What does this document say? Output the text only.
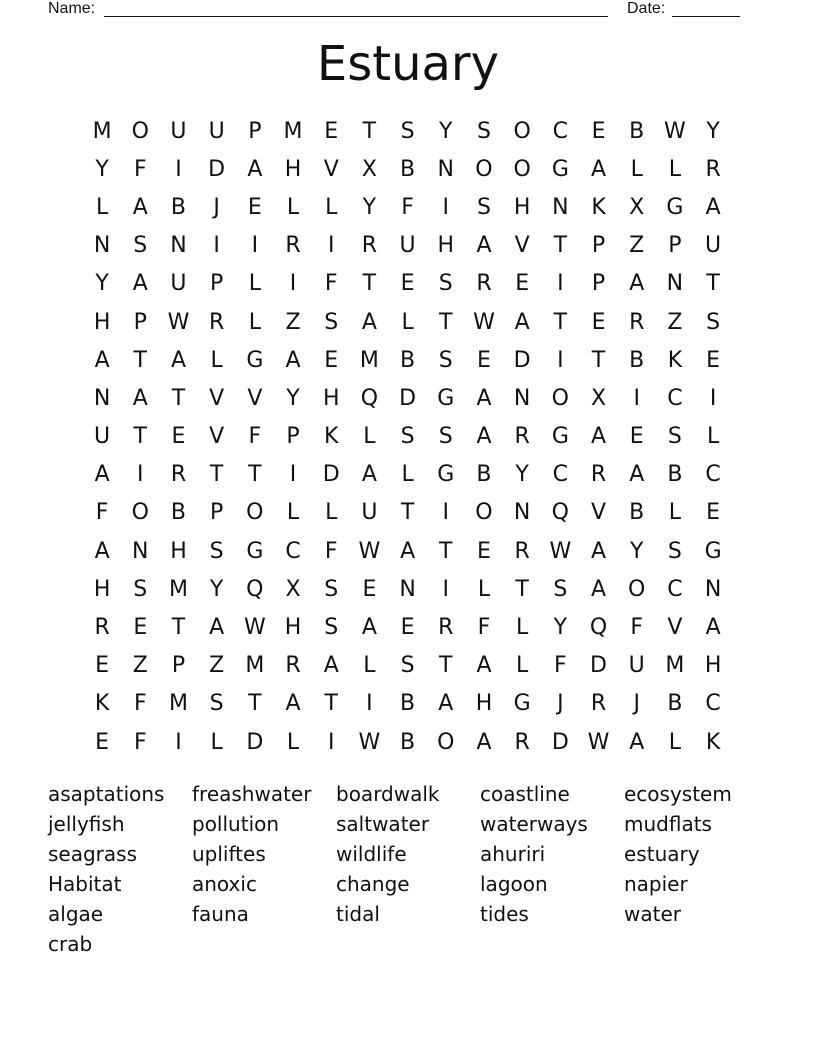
Name:	Date:
Estuary
M O U	U	P	M E	T	S	Y	S	O C	E	B W Y
Y	F	I	D	A	H	V	X	B	N O O G	A	L	L	R
L	A	B	J	E	L	L	Y	F	I	S	H N	K	X	G	A
N	S	N	I	I	R	I	R	U H	A	V	T	P	Z	P	U
Y	A	U	P	L	I	F	T	E	S	R	E	I	P	A	N	T
H	P W R	L	Z	S	A	L	T W A	T	E	R	Z	S
A	T	A	L	G	A	E M B	S	E	D	I	T	B	K	E
N	A	T	V	V	Y	H Q D G	A	N O X	I	C	I
U	T	E	V	F	P	K	L	S	S	A	R	G	A	E	S	L
A	I	R	T	T	I	D	A	L	G	B	Y	C	R	A	B	C
F	O B	P	O	L	L	U	T	I	O N Q	V	B	L	E
A	N H	S	G C	F W A	T	E	R W A	Y	S	G
H	S M Y	Q X	S	E	N	I	L	T	S	A O C	N
R	E	T	A W H	S	A	E	R	F	L	Y	Q	F	V	A
E	Z	P	Z M R	A	L	S	T	A	L	F	D U M H
K	F	M S	T	A	T	I	B	A	H G	J	R	J	B	C
E	F	I	L	D	L	I	W B O	A	R	D W A	L	K
asaptations	freashwater	boardwalk	coastline	ecosystem
jellyfish	pollution	saltwater	waterways	mudflats
seagrass	upliftes	wildlife	ahuriri	estuary
Habitat	anoxic	change	lagoon	napier
algae	fauna	tidal	tides	water
crab
